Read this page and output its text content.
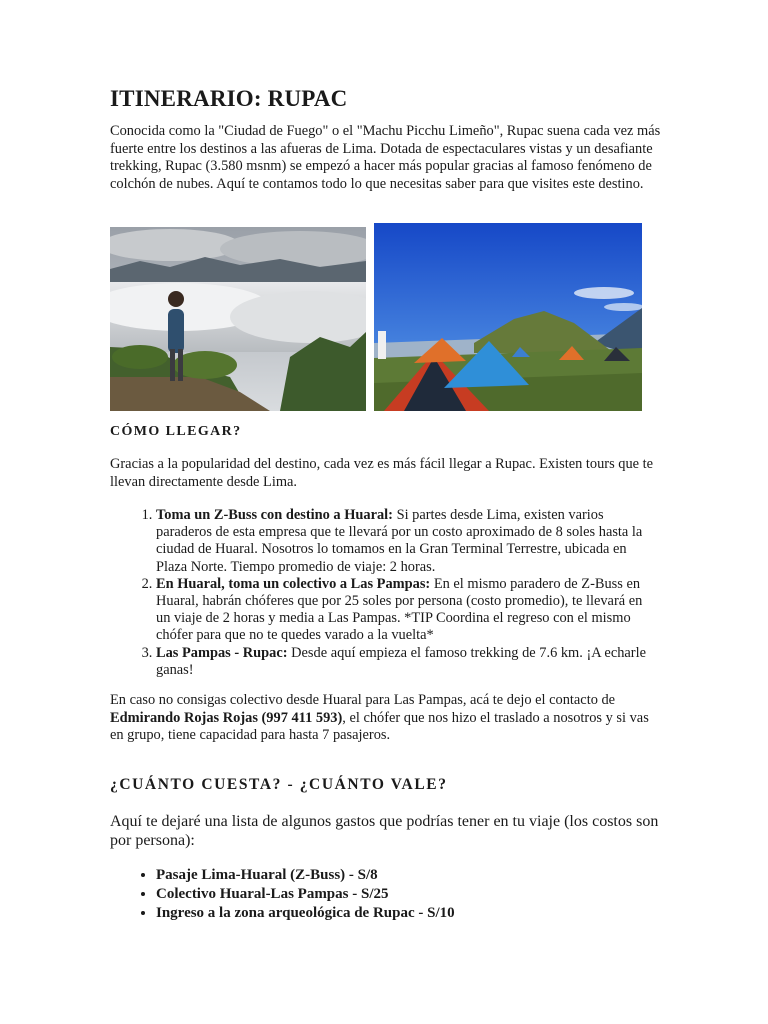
ITINERARIO: RUPAC

Conocida como la "Ciudad de Fuego" o el "Machu Picchu Limeño", Rupac suena cada vez más fuerte entre los destinos a las afueras de Lima. Dotada de espectaculares vistas y un desafiante trekking, Rupac (3.580 msnm) se empezó a hacer más popular gracias al famoso fenómeno de colchón de nubes. Aquí te contamos todo lo que necesitas saber para que visites este destino.

CÓMO LLEGAR?

Gracias a la popularidad del destino, cada vez es más fácil llegar a Rupac. Existen tours que te llevan directamente desde Lima.

1. Toma un Z-Buss con destino a Huaral: Si partes desde Lima, existen varios paraderos de esta empresa que te llevará por un costo aproximado de 8 soles hasta la ciudad de Huaral. Nosotros lo tomamos en la Gran Terminal Terrestre, ubicada en Plaza Norte. Tiempo promedio de viaje: 2 horas.
2. En Huaral, toma un colectivo a Las Pampas: En el mismo paradero de Z-Buss en Huaral, habrán chóferes que por 25 soles por persona (costo promedio), te llevará en un viaje de 2 horas y media a Las Pampas. *TIP Coordina el regreso con el mismo chófer para que no te quedes varado a la vuelta*
3. Las Pampas - Rupac: Desde aquí empieza el famoso trekking de 7.6 km. ¡A echarle ganas!

En caso no consigas colectivo desde Huaral para Las Pampas, acá te dejo el contacto de Edmirando Rojas Rojas (997 411 593), el chófer que nos hizo el traslado a nosotros y si vas en grupo, tiene capacidad para hasta 7 pasajeros.

¿CUÁNTO CUESTA? - ¿CUÁNTO VALE?

Aquí te dejaré una lista de algunos gastos que podrías tener en tu viaje (los costos son por persona):

• Pasaje Lima-Huaral (Z-Buss) - S/8
• Colectivo Huaral-Las Pampas - S/25
• Ingreso a la zona arqueológica de Rupac - S/10
